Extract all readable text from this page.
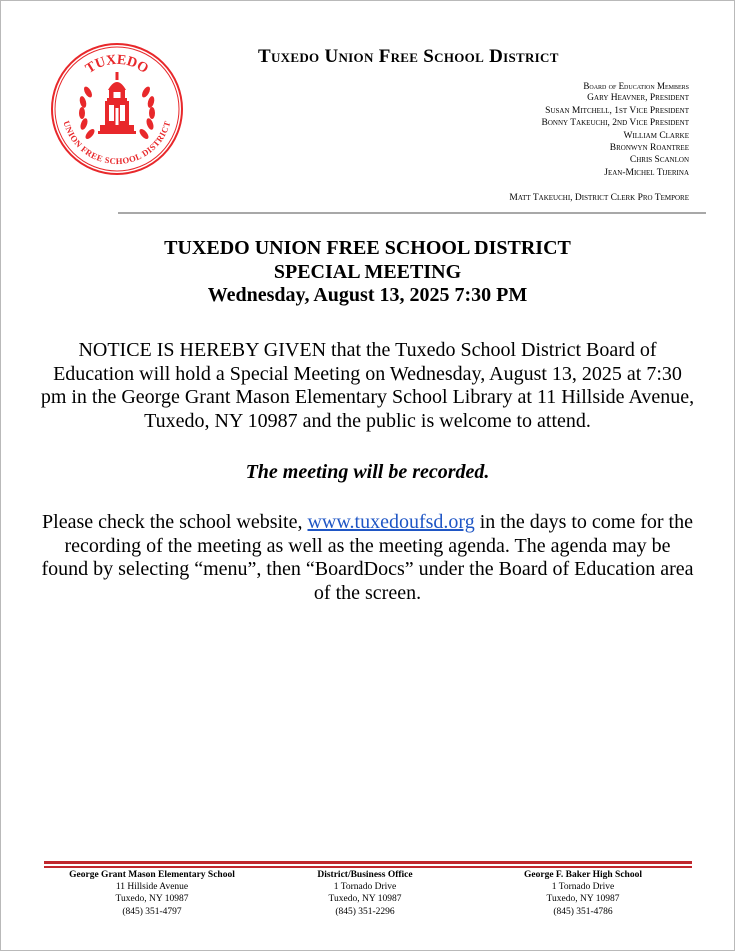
TUXEDO
UNION FREE SCHOOL DISTRICT
Tuxedo Union Free School District
Board of Education Members
Gary Heavner, President
Susan Mitchell, 1st Vice President
Bonny Takeuchi, 2nd Vice President
William Clarke
Bronwyn Roantree
Chris Scanlon
Jean-Michel Tijerina
Matt Takeuchi, District Clerk Pro Tempore
TUXEDO UNION FREE SCHOOL DISTRICT
SPECIAL MEETING
Wednesday, August 13, 2025 7:30 PM
NOTICE IS HEREBY GIVEN that the Tuxedo School District Board of Education will hold a Special Meeting on Wednesday, August 13, 2025 at 7:30 pm in the George Grant Mason Elementary School Library at 11 Hillside Avenue, Tuxedo, NY 10987 and the public is welcome to attend.
The meeting will be recorded.
Please check the school website, www.tuxedoufsd.org in the days to come for the recording of the meeting as well as the meeting agenda. The agenda may be found by selecting “menu”, then “BoardDocs” under the Board of Education area of the screen.
George Grant Mason Elementary School
11 Hillside Avenue
Tuxedo, NY 10987
(845) 351-4797
District/Business Office
1 Tornado Drive
Tuxedo, NY 10987
(845) 351-2296
George F. Baker High School
1 Tornado Drive
Tuxedo, NY 10987
(845) 351-4786
